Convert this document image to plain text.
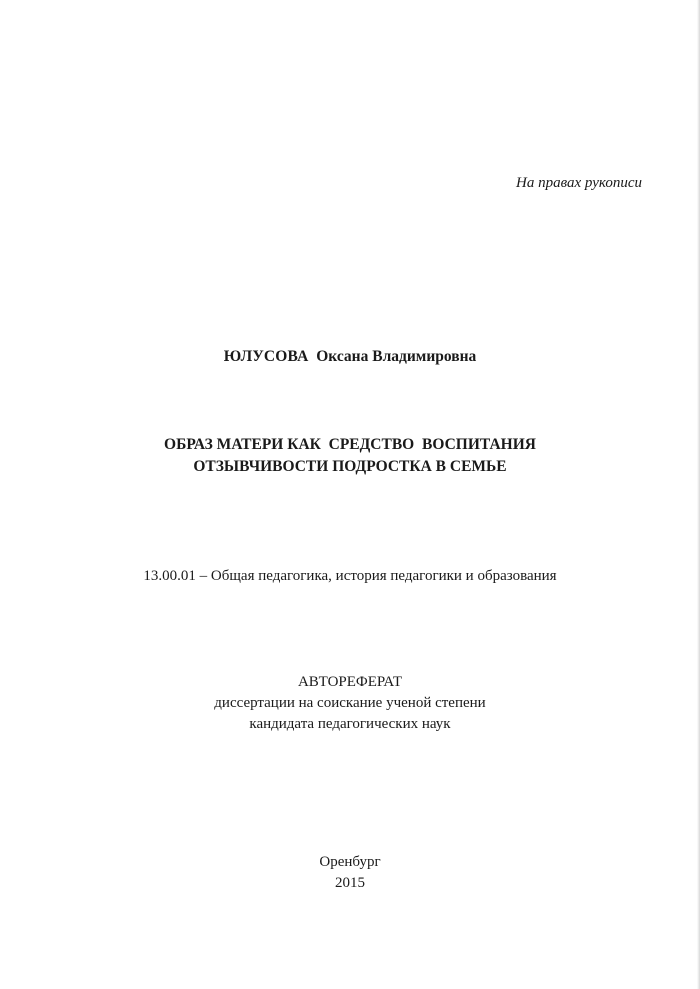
На правах рукописи
ЮЛУСОВА Оксана Владимировна
ОБРАЗ МАТЕРИ КАК  СРЕДСТВО  ВОСПИТАНИЯ
ОТЗЫВЧИВОСТИ ПОДРОСТКА В СЕМЬЕ
АВТОРЕФЕРАТ
диссертации на соискание ученой степени
кандидата педагогических наук
Оренбург
2015
13.00.01 – Общая педагогика, история педагогики и образования
